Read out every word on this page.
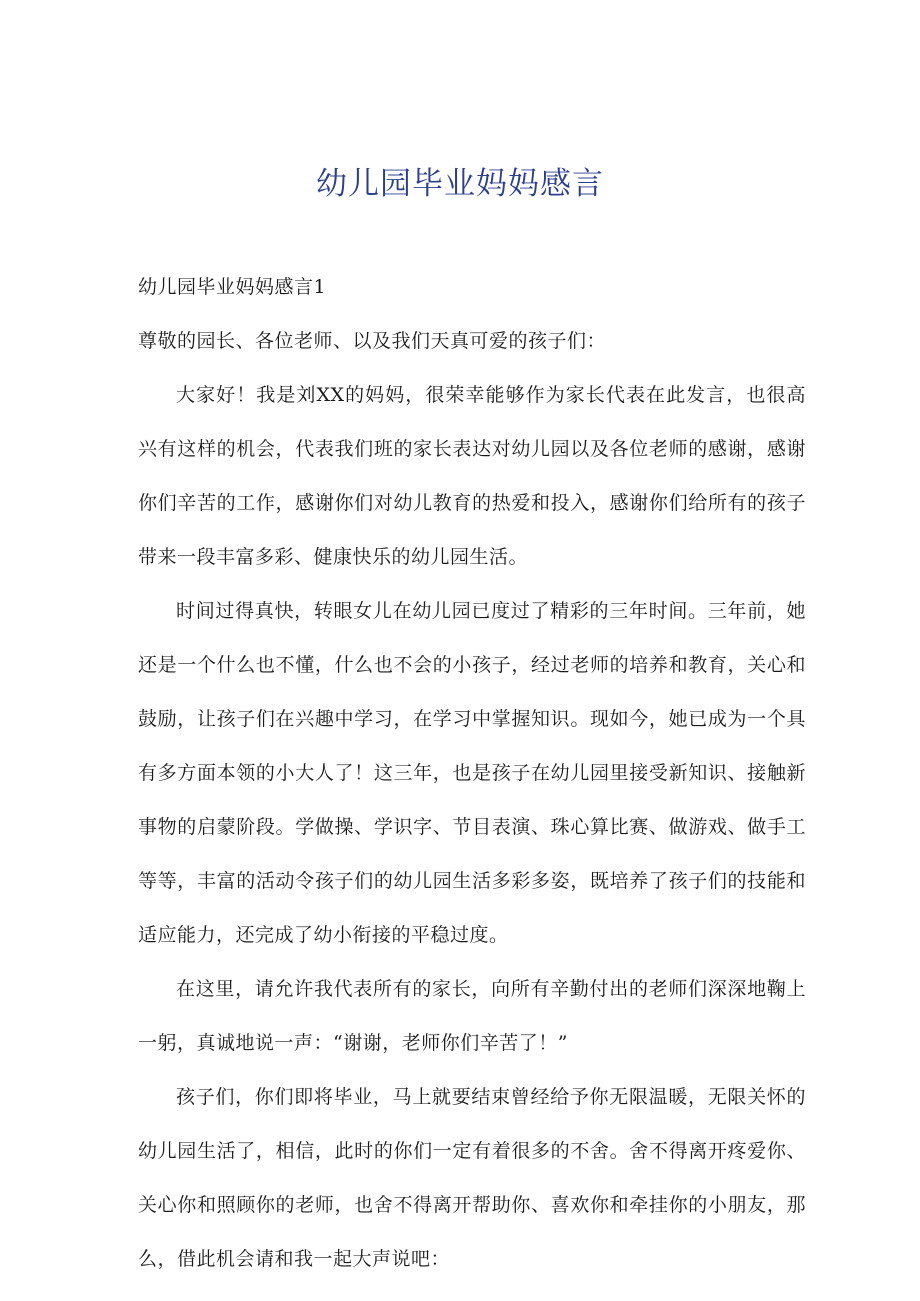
幼儿园毕业妈妈感言
幼儿园毕业妈妈感言1
尊敬的园长、各位老师、以及我们天真可爱的孩子们：

大家好！我是刘XX的妈妈，很荣幸能够作为家长代表在此发言，也很高兴有这样的机会，代表我们班的家长表达对幼儿园以及各位老师的感谢，感谢你们辛苦的工作，感谢你们对幼儿教育的热爱和投入，感谢你们给所有的孩子带来一段丰富多彩、健康快乐的幼儿园生活。

时间过得真快，转眼女儿在幼儿园已度过了精彩的三年时间。三年前，她还是一个什么也不懂，什么也不会的小孩子，经过老师的培养和教育，关心和鼓励，让孩子们在兴趣中学习，在学习中掌握知识。现如今，她已成为一个具有多方面本领的小大人了！这三年，也是孩子在幼儿园里接受新知识、接触新事物的启蒙阶段。学做操、学识字、节目表演、珠心算比赛、做游戏、做手工等等，丰富的活动令孩子们的幼儿园生活多彩多姿，既培养了孩子们的技能和适应能力，还完成了幼小衔接的平稳过度。

在这里，请允许我代表所有的家长，向所有辛勤付出的老师们深深地鞠上一躬，真诚地说一声：“谢谢，老师你们辛苦了！”

孩子们，你们即将毕业，马上就要结束曾经给予你无限温暖，无限关怀的幼儿园生活了，相信，此时的你们一定有着很多的不舍。舍不得离开疼爱你、关心你和照顾你的老师，也舍不得离开帮助你、喜欢你和牵挂你的小朋友，那么，借此机会请和我一起大声说吧：
